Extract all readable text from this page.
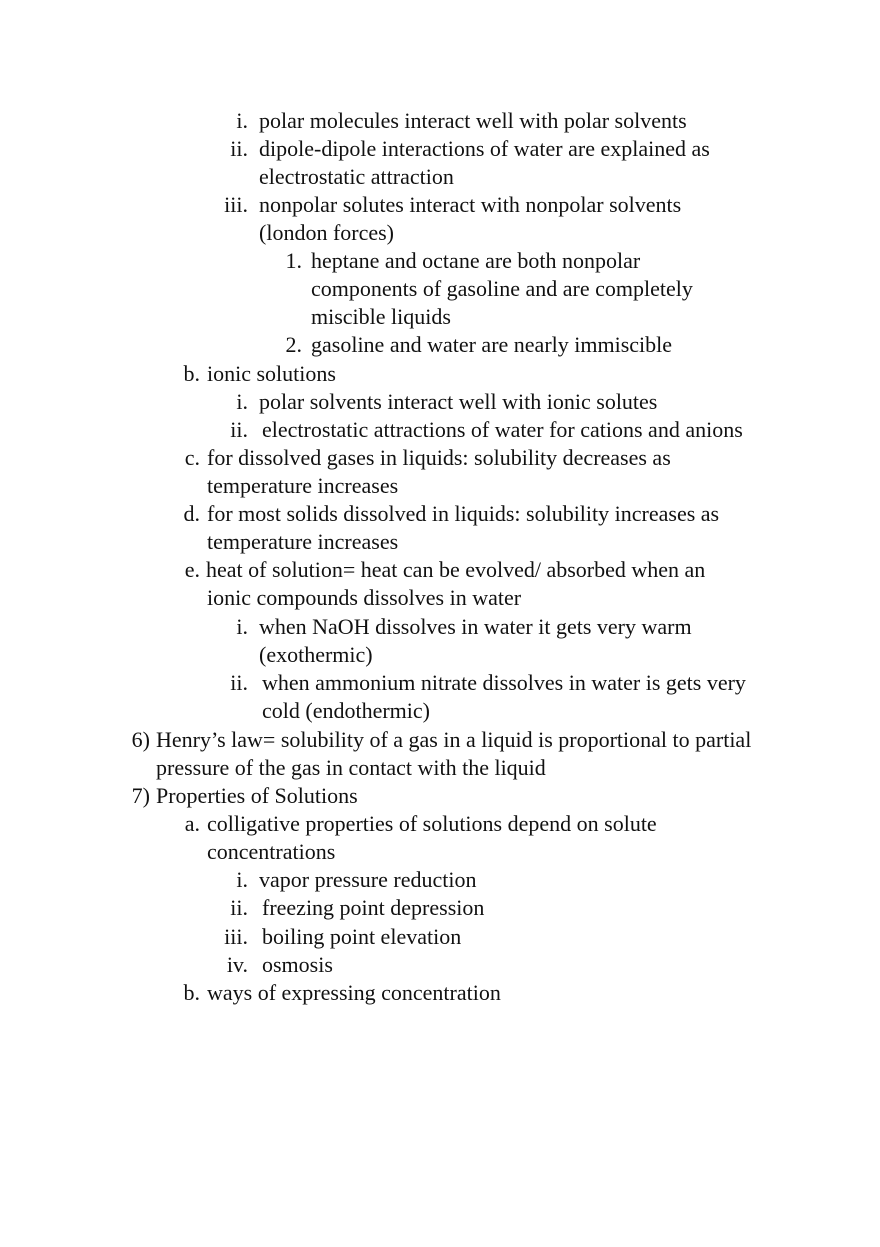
i. polar molecules interact well with polar solvents
ii. dipole-dipole interactions of water are explained as
electrostatic attraction
iii. nonpolar solutes interact with nonpolar solvents
(london forces)
1. heptane and octane are both nonpolar
components of gasoline and are completely
miscible liquids
2. gasoline and water are nearly immiscible
b. ionic solutions
i. polar solvents interact well with ionic solutes
ii. electrostatic attractions of water for cations and anions
c. for dissolved gases in liquids: solubility decreases as
temperature increases
d. for most solids dissolved in liquids: solubility increases as
temperature increases
e. heat of solution= heat can be evolved/ absorbed when an
ionic compounds dissolves in water
i. when NaOH dissolves in water it gets very warm
(exothermic)
ii. when ammonium nitrate dissolves in water is gets very
cold (endothermic)
6) Henry’s law= solubility of a gas in a liquid is proportional to partial
pressure of the gas in contact with the liquid
7) Properties of Solutions
a. colligative properties of solutions depend on solute
concentrations
i. vapor pressure reduction
ii. freezing point depression
iii. boiling point elevation
iv. osmosis
b. ways of expressing concentration
